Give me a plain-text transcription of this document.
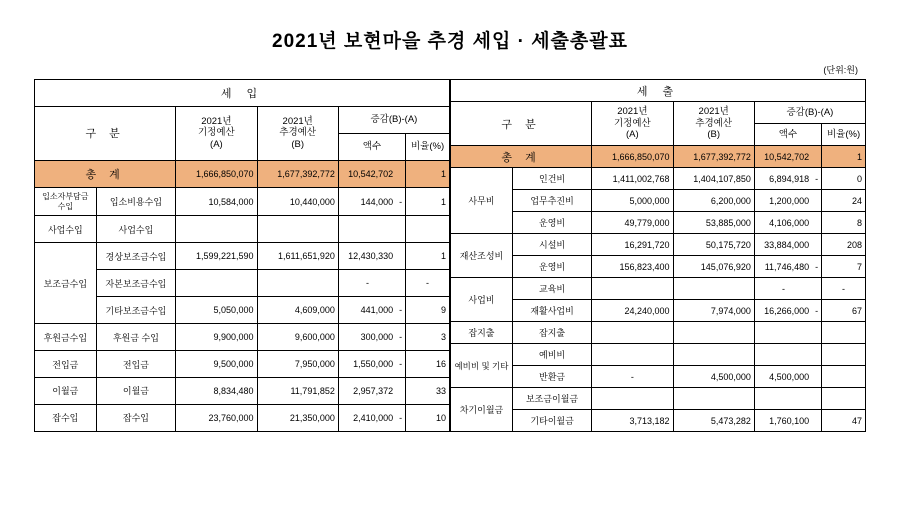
2021년 보현마을 추경 세입 · 세출총괄표
(단위:원)
세 입						
구 분	
2021년
기정예산
(A)

2021년
추경예산
(B)
	증감(B)-(A)
				액수		비율(%)
총 계		1,666,850,070	1,677,392,772	10,542,702		1
입소자부담금
수입	입소비용수입	10,584,000	10,440,000	144,000	-	1
사업수입	사업수입					
보조금수입	경상보조금수입	1,599,221,590	1,611,651,920	12,430,330		1
	자본보조금수입			-		-
	기타보조금수입	5,050,000	4,609,000	441,000	-	9
후원금수입	후원금 수입	9,900,000	9,600,000	300,000	-	3
전입금	전입금	9,500,000	7,950,000	1,550,000	-	16
이월금	이월금	8,834,480	11,791,852	2,957,372		33
잡수입	잡수입	23,760,000	21,350,000	2,410,000	-	10
세 출						
구 분	
2021년
기정예산
(A)

2021년
추경예산
(B)
	증감(B)-(A)
				액수		비율(%)
총 계		1,666,850,070	1,677,392,772	10,542,702		1
사무비	인건비	1,411,002,768	1,404,107,850	6,894,918	-	0
	업무추진비	5,000,000	6,200,000	1,200,000		24
	운영비	49,779,000	53,885,000	4,106,000		8
재산조성비	시설비	16,291,720	50,175,720	33,884,000		208
	운영비	156,823,400	145,076,920	11,746,480	-	7
사업비	교육비			-		-
	재활사업비	24,240,000	7,974,000	16,266,000	-	67
잡지출	잡지출					
예비비 및 기타	예비비					
	반환금	-	4,500,000	4,500,000		
차기이월금	보조금이월금					
	기타이월금	3,713,182	5,473,282	1,760,100		47
